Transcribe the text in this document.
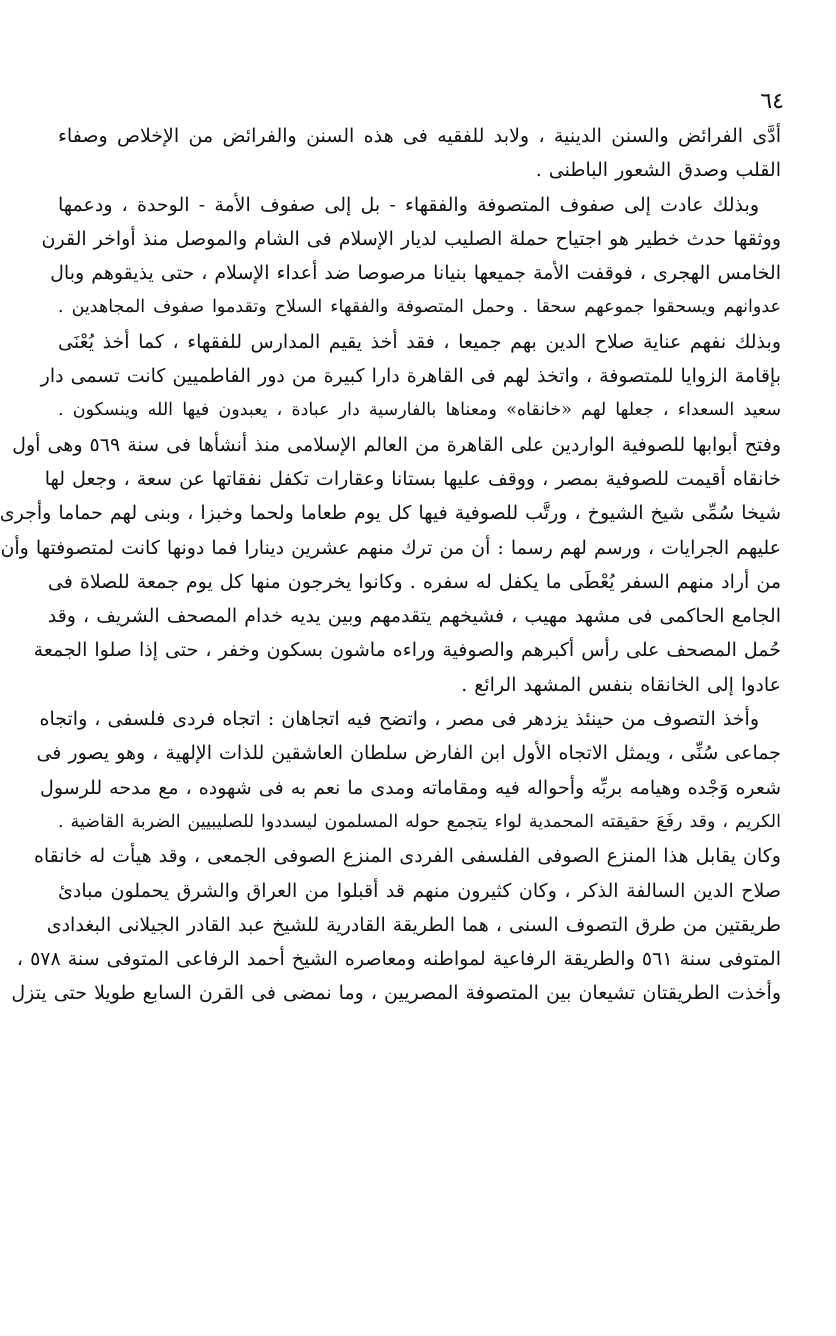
٦٤
أدَّى الفرائض والسنن الدينية ، ولابد للفقيه فى هذه السنن والفرائض من الإخلاص وصفاء
القلب وصدق الشعور الباطنى .
وبذلك عادت إلى صفوف المتصوفة والفقهاء - بل إلى صفوف الأمة - الوحدة ، ودعمها
ووثقها حدث خطير هو اجتياح حملة الصليب لديار الإسلام فى الشام والموصل منذ أواخر القرن
الخامس الهجرى ، فوقفت الأمة جميعها بنيانا مرصوصا ضد أعداء الإسلام ، حتى يذيقوهم وبال
عدوانهم ويسحقوا جموعهم سحقا . وحمل المتصوفة والفقهاء السلاح وتقدموا صفوف المجاهدين .
وبذلك نفهم عناية صلاح الدين بهم جميعا ، فقد أخذ يقيم المدارس للفقهاء ، كما أخذ يُعْنَى
بإقامة الزوايا للمتصوفة ، واتخذ لهم فى القاهرة دارا كبيرة من دور الفاطميين كانت تسمى دار
سعيد السعداء ، جعلها لهم «خانقاه» ومعناها بالفارسية دار عبادة ، يعبدون فيها الله وينسكون .
وفتح أبوابها للصوفية الواردين على القاهرة من العالم الإسلامى منذ أنشأها فى سنة ٥٦٩ وهى أول
خانقاه أقيمت للصوفية بمصر ، ووقف عليها بستانا وعقارات تكفل نفقاتها عن سعة ، وجعل لها
شيخا سُمِّى شيخ الشيوخ ، ورتَّب للصوفية فيها كل يوم طعاما ولحما وخبزا ، وبنى لهم حماما وأجرى
عليهم الجرايات ، ورسم لهم رسما : أن من ترك منهم عشرين دينارا فما دونها كانت لمتصوفتها وأن
من أراد منهم السفر يُعْطَى ما يكفل له سفره . وكانوا يخرجون منها كل يوم جمعة للصلاة فى
الجامع الحاكمى فى مشهد مهيب ، فشيخهم يتقدمهم وبين يديه خدام المصحف الشريف ، وقد
حُمل المصحف على رأس أكبرهم والصوفية وراءه ماشون بسكون وخفر ، حتى إذا صلوا الجمعة
عادوا إلى الخانقاه بنفس المشهد الرائع .
وأخذ التصوف من حينئذ يزدهر فى مصر ، واتضح فيه اتجاهان : اتجاه فردى فلسفى ، واتجاه
جماعى سُنِّى ، ويمثل الاتجاه الأول ابن الفارض سلطان العاشقين للذات الإلهية ، وهو يصور فى
شعره وَجْده وهيامه بربِّه وأحواله فيه ومقاماته ومدى ما نعم به فى شهوده ، مع مدحه للرسول
الكريم ، وقد رفَعَ حقيقته المحمدية لواء يتجمع حوله المسلمون ليسددوا للصليبيين الضربة القاضية .
وكان يقابل هذا المنزع الصوفى الفلسفى الفردى المنزع الصوفى الجمعى ، وقد هيأت له خانقاه
صلاح الدين السالفة الذكر ، وكان كثيرون منهم قد أقبلوا من العراق والشرق يحملون مبادئ
طريقتين من طرق التصوف السنى ، هما الطريقة القادرية للشيخ عبد القادر الجيلانى البغدادى
المتوفى سنة ٥٦١ والطريقة الرفاعية لمواطنه ومعاصره الشيخ أحمد الرفاعى المتوفى سنة ٥٧٨ ،
وأخذت الطريقتان تشيعان بين المتصوفة المصريين ، وما نمضى فى القرن السابع طويلا حتى يتزل
